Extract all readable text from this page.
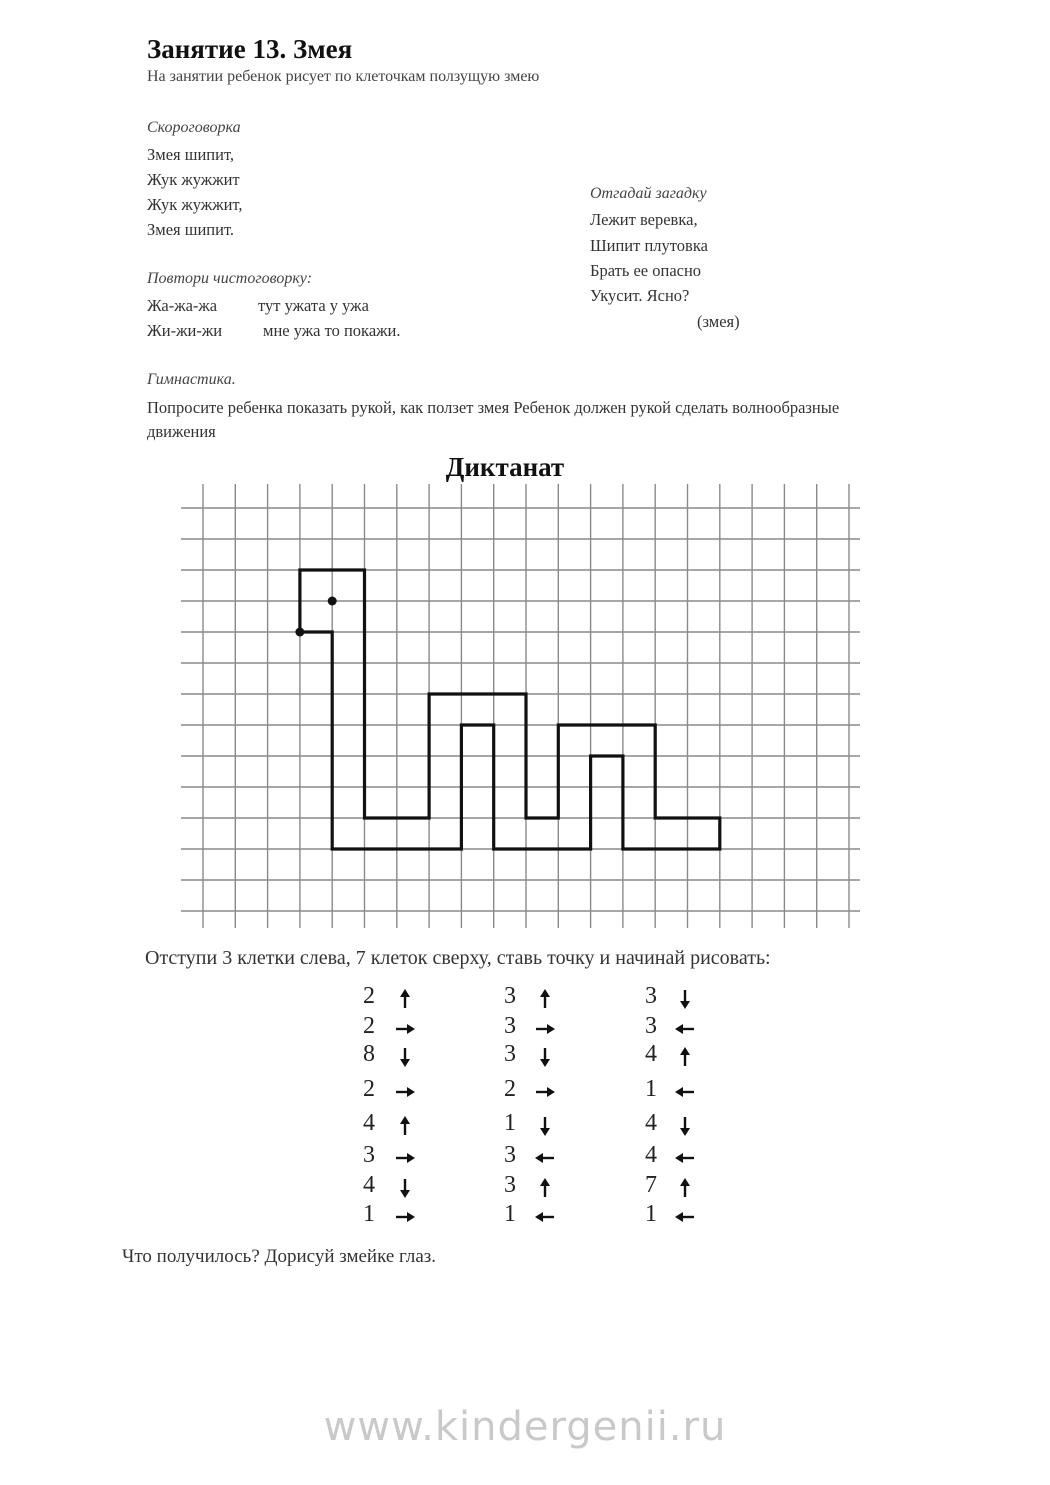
Занятие 13. Змея
На занятии ребенок рисует по клеточкам ползущую змею
Скороговорка
Змея шипит,
Жук жужжит
Жук жужжит,
Змея шипит.
Отгадай загадку
Лежит веревка,
Шипит плутовка
Брать ее опасно
Укусит. Ясно?
(змея)
Повтори чистоговорку:
Жа-жа-жа тут ужата у ужа
Жи-жи-жи мне ужа то покажи.
Гимнастика.
Попросите ребенка показать рукой, как ползет змея Ребенок должен рукой сделать волнообразные движения
Диктанат
Отступи 3 клетки слева, 7 клеток сверху, ставь точку и начинай рисовать:
2
2
8
2
4
3
4
1
3
3
3
2
1
3
3
1
3
3
4
1
4
4
7
1
Что получилось? Дорисуй змейке глаз.
www.kindergenii.ru
